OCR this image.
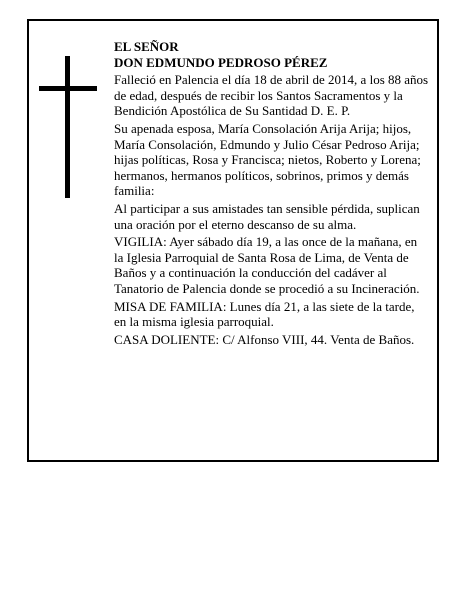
EL SEÑOR

DON EDMUNDO PEDROSO PÉREZ

Falleció en Palencia el día 18 de abril de 2014, a los 88 años de edad, después de recibir los Santos Sacramentos y la Bendición Apostólica de Su Santidad D. E. P.

Su apenada esposa, María Consolación Arija Arija; hijos, María Consolación, Edmundo y Julio César Pedroso Arija; hijas políticas, Rosa y Francisca; nietos, Roberto y Lorena; hermanos, hermanos políticos, sobrinos, primos y demás familia:

Al participar a sus amistades tan sensible pérdida, suplican una oración por el eterno descanso de su alma.

VIGILIA: Ayer sábado día 19, a las once de la mañana, en la Iglesia Parroquial de Santa Rosa de Lima, de Venta de Baños y a continuación la conducción del cadáver al Tanatorio de Palencia donde se procedió a su Incineración.

MISA DE FAMILIA: Lunes día 21, a las siete de la tarde, en la misma iglesia parroquial.

CASA DOLIENTE: C/ Alfonso VIII, 44. Venta de Baños.
